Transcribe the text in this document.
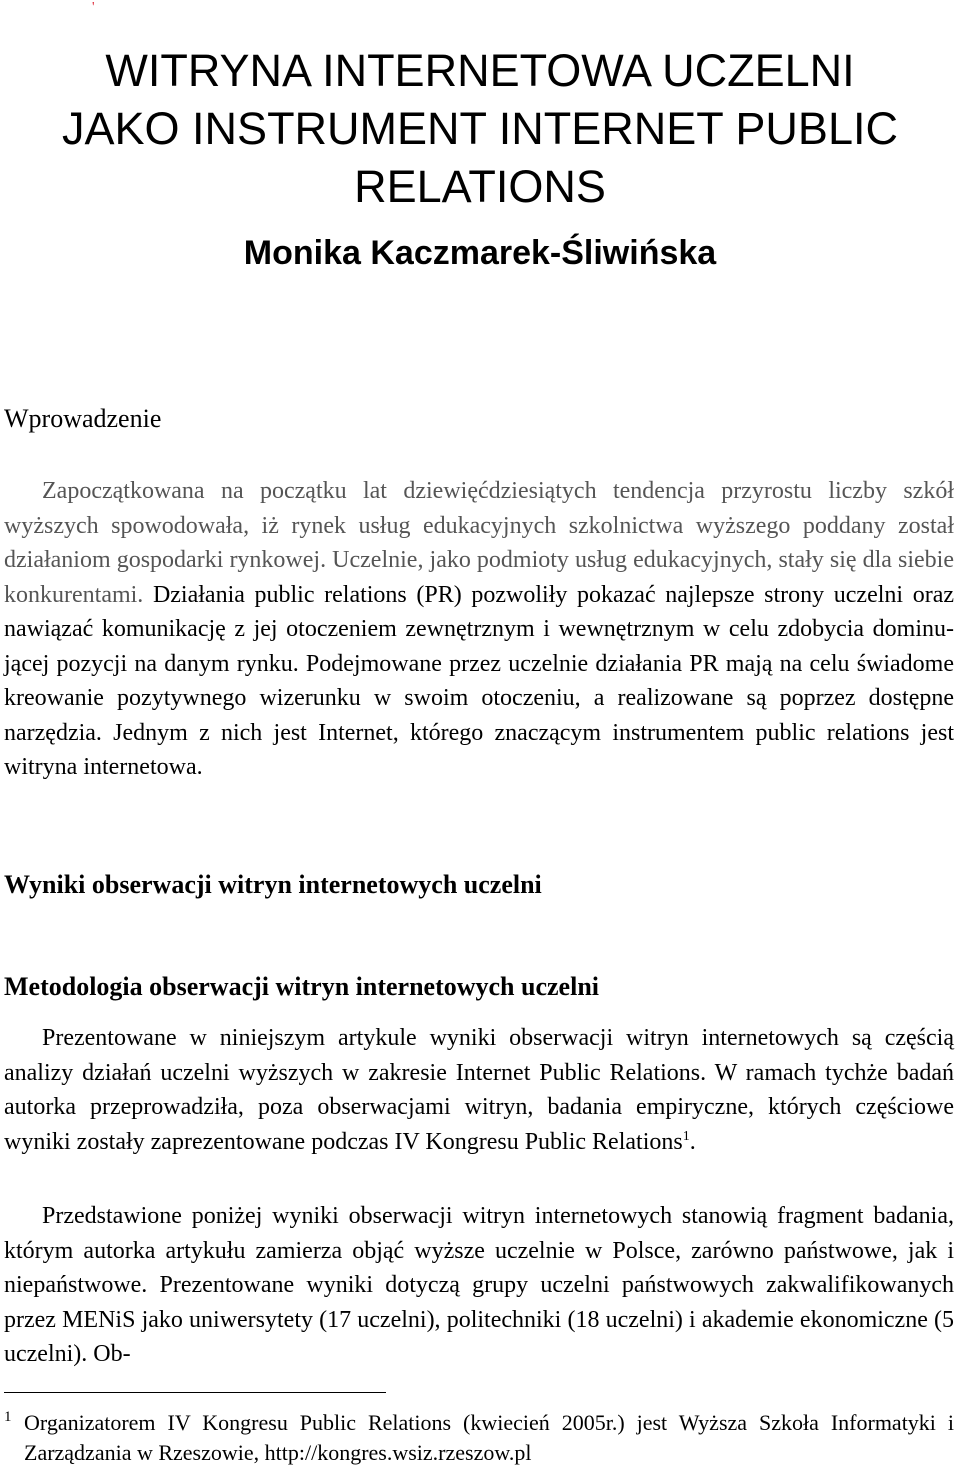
'
WITRYNA INTERNETOWA UCZELNI
JAKO INSTRUMENT INTERNET PUBLIC
RELATIONS
Monika Kaczmarek-Śliwińska
Wprowadzenie

Zapoczątkowana na początku lat dziewięćdziesiątych tendencja przyrostu liczby szkół wyższych spowodowała, iż rynek usług edukacyjnych szkolnictwa wyższego poddany został działaniom gospodarki rynkowej. Uczelnie, jako podmioty usług edukacyjnych, stały się dla siebie konkurentami. Działania public relations (PR) pozwoliły pokazać najlepsze strony uczelni oraz nawiązać komunikację z jej otoczeniem zewnętrznym i wewnętrznym w celu zdobycia dominującej pozycji na danym rynku. Podejmowane przez uczelnie działania PR mają na celu świadome kreowanie pozytywnego wizerunku w swoim otoczeniu, a realizowane są poprzez dostępne narzędzia. Jednym z nich jest Internet, którego znaczącym instrumentem public relations jest witryna internetowa.

Wyniki obserwacji witryn internetowych uczelni
Metodologia obserwacji witryn internetowych uczelni

Prezentowane w niniejszym artykule wyniki obserwacji witryn internetowych są częścią analizy działań uczelni wyższych w zakresie Internet Public Relations. W ramach tychże badań autorka przeprowadziła, poza obserwacjami witryn, badania empiryczne, których częściowe wyniki zostały zaprezentowane podczas IV Kongresu Public Relations$^1$.

Przedstawione poniżej wyniki obserwacji witryn internetowych stanowią fragment badania, którym autorka artykułu zamierza objąć wyższe uczelnie w Polsce, zarówno państwowe, jak i niepaństwowe. Prezentowane wyniki dotyczą grupy uczelni państwowych zakwalifikowanych przez MENiS jako uniwersytety (17 uczelni), politechniki (18 uczelni) i akademie ekonomiczne (5 uczelni). Ob-

1 Organizatorem IV Kongresu Public Relations (kwiecień 2005r.) jest Wyższa Szkoła Informatyki i Zarządzania w Rzeszowie, http://kongres.wsiz.rzeszow.pl
